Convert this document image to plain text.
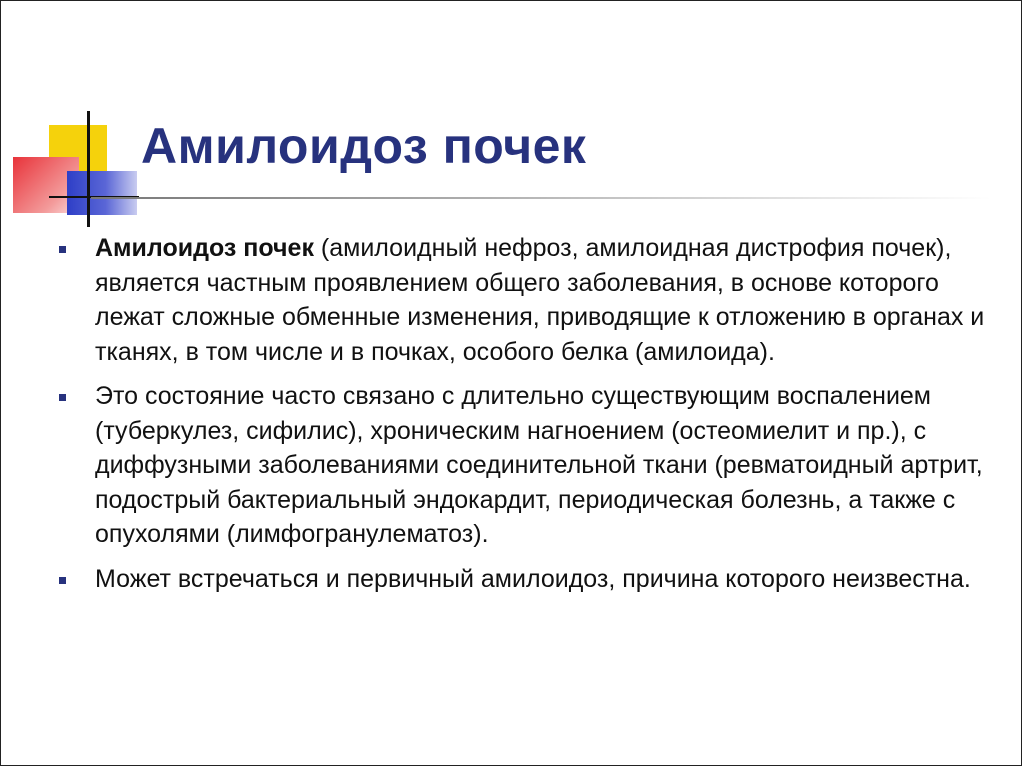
Амилоидоз почек
Амилоидоз почек (амилоидный нефроз, амилоидная дистрофия почек), является частным проявлением общего заболевания, в основе которого лежат сложные обменные изменения, приводящие к отложению в органах и тканях, в том числе и в почках, особого белка (амилоида).
Это состояние часто связано с длительно существующим воспалением (туберкулез, сифилис), хроническим нагноением (остеомиелит и пр.), с диффузными заболеваниями соединительной ткани (ревматоидный артрит, подострый бактериальный эндокардит, периодическая болезнь, а также с опухолями (лимфогранулематоз).
Может встречаться и первичный амилоидоз, причина которого неизвестна.
